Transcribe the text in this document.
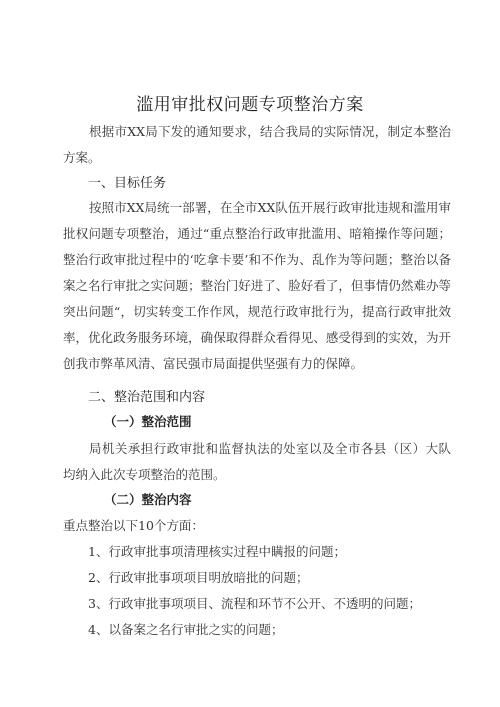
滥用审批权问题专项整治方案
根据市XX局下发的通知要求，结合我局的实际情况，制定本整治方案。
一、目标任务
按照市XX局统一部署，在全市XX队伍开展行政审批违规和滥用审批权问题专项整治，通过“重点整治行政审批滥用、暗箱操作等问题；整治行政审批过程中的‘吃拿卡要’和不作为、乱作为等问题；整治以备案之名行审批之实问题；整治门好进了、脸好看了，但事情仍然难办等突出问题“，切实转变工作作风，规范行政审批行为，提高行政审批效率，优化政务服务环境，确保取得群众看得见、感受得到的实效，为开创我市弊革风清、富民强市局面提供坚强有力的保障。
二、整治范围和内容
（一）整治范围
局机关承担行政审批和监督执法的处室以及全市各县（区）大队均纳入此次专项整治的范围。
（二）整治内容
重点整治以下10个方面：
1、行政审批事项清理核实过程中瞒报的问题；
2、行政审批事项项目明放暗批的问题；
3、行政审批事项项目、流程和环节不公开、不透明的问题；
4、以备案之名行审批之实的问题；
